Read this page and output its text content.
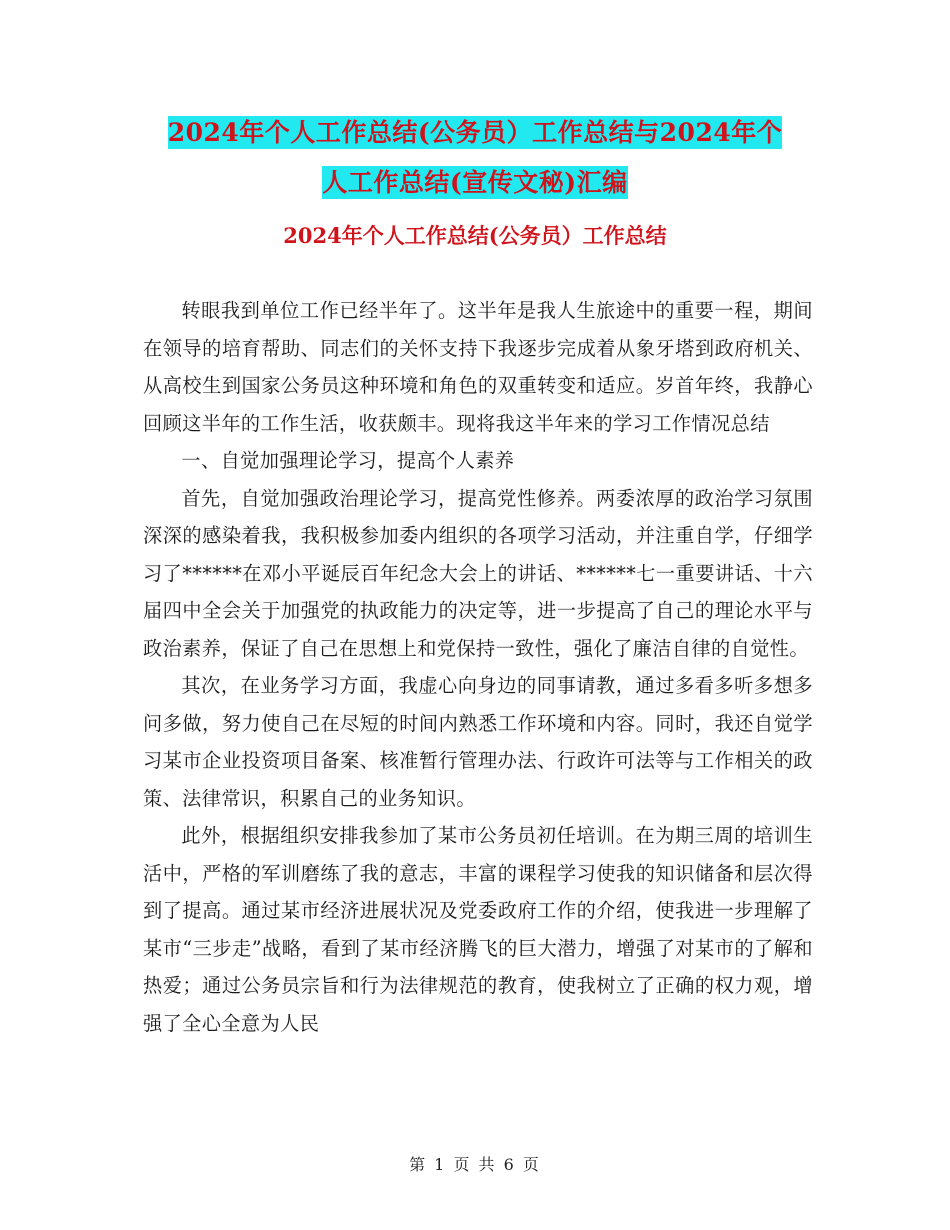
2024年个人工作总结(公务员）工作总结与2024年个
人工作总结(宣传文秘)汇编
2024年个人工作总结(公务员）工作总结

转眼我到单位工作已经半年了。这半年是我人生旅途中的重要一程，期间在领导的培育帮助、同志们的关怀支持下我逐步完成着从象牙塔到政府机关、从高校生到国家公务员这种环境和角色的双重转变和适应。岁首年终，我静心回顾这半年的工作生活，收获颇丰。现将我这半年来的学习工作情况总结

一、自觉加强理论学习，提高个人素养

首先，自觉加强政治理论学习，提高党性修养。两委浓厚的政治学习氛围深深的感染着我，我积极参加委内组织的各项学习活动，并注重自学，仔细学习了******在邓小平诞辰百年纪念大会上的讲话、******七一重要讲话、十六届四中全会关于加强党的执政能力的决定等，进一步提高了自己的理论水平与政治素养，保证了自己在思想上和党保持一致性，强化了廉洁自律的自觉性。

其次，在业务学习方面，我虚心向身边的同事请教，通过多看多听多想多问多做，努力使自己在尽短的时间内熟悉工作环境和内容。同时，我还自觉学习某市企业投资项目备案、核准暂行管理办法、行政许可法等与工作相关的政策、法律常识，积累自己的业务知识。

此外，根据组织安排我参加了某市公务员初任培训。在为期三周的培训生活中，严格的军训磨练了我的意志，丰富的课程学习使我的知识储备和层次得到了提高。通过某市经济进展状况及党委政府工作的介绍，使我进一步理解了某市“三步走”战略，看到了某市经济腾飞的巨大潜力，增强了对某市的了解和热爱；通过公务员宗旨和行为法律规范的教育，使我树立了正确的权力观，增强了全心全意为人民

第 1 页 共 6 页
